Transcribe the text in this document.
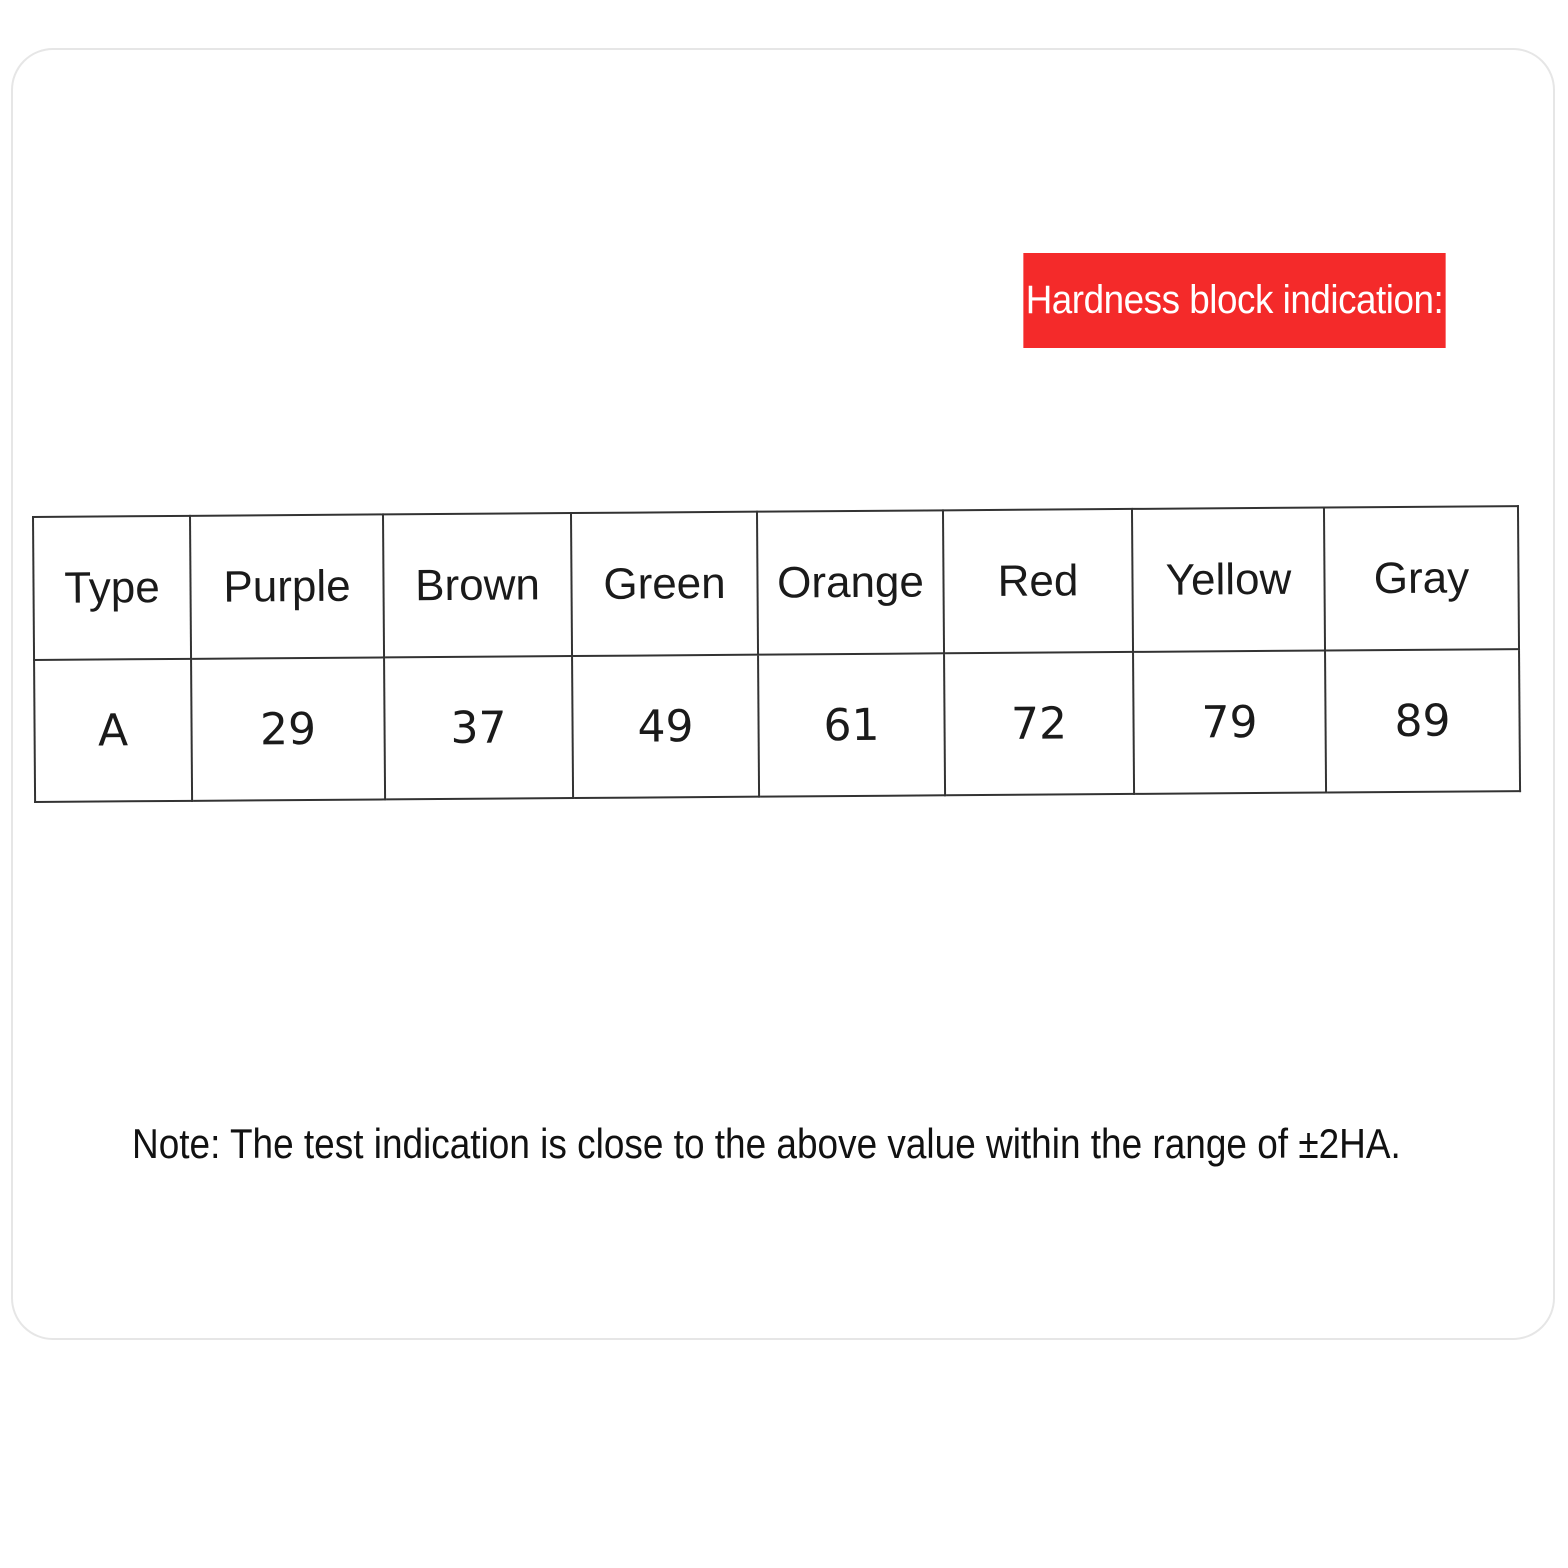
Hardness block indication:
Type	Purple	Brown	Green	Orange	Red	Yellow	Gray
A	29	37	49	61	72	79	89
Note: The test indication is close to the above value within the range of ±2HA.
